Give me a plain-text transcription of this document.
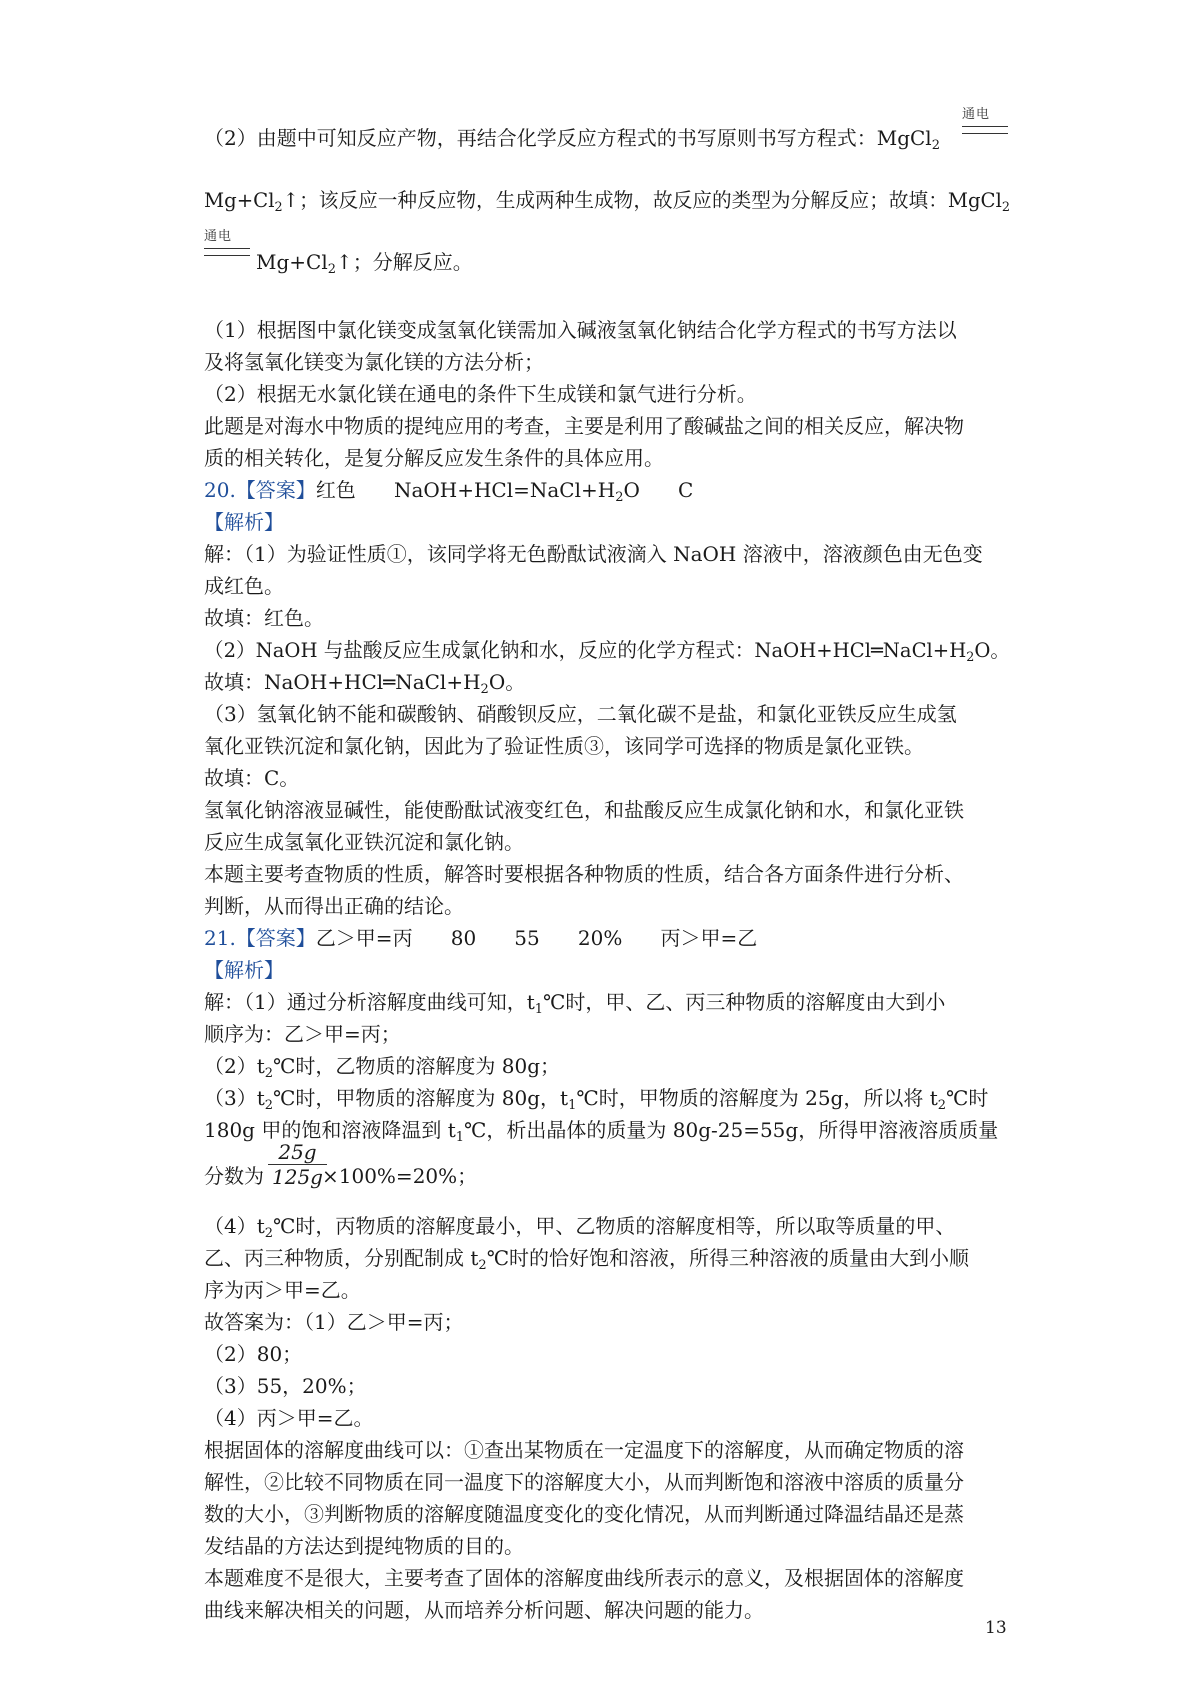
（2）由题中可知反应产物，再结合化学反应方程式的书写原则书写方程式：MgCl$_2$
通电
$Mg+Cl_2↑$；该反应一种反应物，生成两种生成物，故反应的类型为分解反应；故填：MgCl$_2$
通电
$Mg+Cl_2↑$；分解反应。
（1）根据图中氯化镁变成氢氧化镁需加入碱液氢氧化钠结合化学方程式的书写方法以
及将氢氧化镁变为氯化镁的方法分析；
（2）根据无水氯化镁在通电的条件下生成镁和氯气进行分析。
此题是对海水中物质的提纯应用的考查，主要是利用了酸碱盐之间的相关反应，解决物
质的相关转化，是复分解反应发生条件的具体应用。
20.【答案】红色      $NaOH+HCl=NaCl+H_2O$      C
【解析】
解：（1）为验证性质①，该同学将无色酚酞试液滴入 NaOH 溶液中，溶液颜色由无色变
成红色。
故填：红色。
（2）NaOH 与盐酸反应生成氯化钠和水，反应的化学方程式：$NaOH+HCl═NaCl+H_2O$。
故填：$NaOH+HCl═NaCl+H_2O$。
（3）氢氧化钠不能和碳酸钠、硝酸钡反应，二氧化碳不是盐，和氯化亚铁反应生成氢
氧化亚铁沉淀和氯化钠，因此为了验证性质③，该同学可选择的物质是氯化亚铁。
故填：C。
氢氧化钠溶液显碱性，能使酚酞试液变红色，和盐酸反应生成氯化钠和水，和氯化亚铁
反应生成氢氧化亚铁沉淀和氯化钠。
本题主要考查物质的性质，解答时要根据各种物质的性质，结合各方面条件进行分析、
判断，从而得出正确的结论。
21.【答案】乙＞甲=丙      80      55      20%      丙＞甲=乙
【解析】
解：（1）通过分析溶解度曲线可知，$t_1℃$时，甲、乙、丙三种物质的溶解度由大到小
顺序为：乙＞甲=丙；
$(2)t_2℃$时，乙物质的溶解度为 80g；
$(3)t_2℃$时，甲物质的溶解度为 80g，$t_1℃$时，甲物质的溶解度为 25g，所以将 $t_2℃$时
180g 甲的饱和溶液降温到 $t_1℃$，析出晶体的质量为 80g-25=55g，所得甲溶液溶质质量
分数为
25g
125g ×100%=20%；
$(4)t_2℃$时，丙物质的溶解度最小，甲、乙物质的溶解度相等，所以取等质量的甲、
乙、丙三种物质，分别配制成 $t_2℃$时的恰好饱和溶液，所得三种溶液的质量由大到小顺
序为丙＞甲=乙。
故答案为：（1）乙＞甲=丙；
（2）80；
（3）55，20%；
（4）丙＞甲=乙。
根据固体的溶解度曲线可以：①查出某物质在一定温度下的溶解度，从而确定物质的溶
解性，②比较不同物质在同一温度下的溶解度大小，从而判断饱和溶液中溶质的质量分
数的大小，③判断物质的溶解度随温度变化的变化情况，从而判断通过降温结晶还是蒸
发结晶的方法达到提纯物质的目的。
本题难度不是很大，主要考查了固体的溶解度曲线所表示的意义，及根据固体的溶解度
曲线来解决相关的问题，从而培养分析问题、解决问题的能力。
13
